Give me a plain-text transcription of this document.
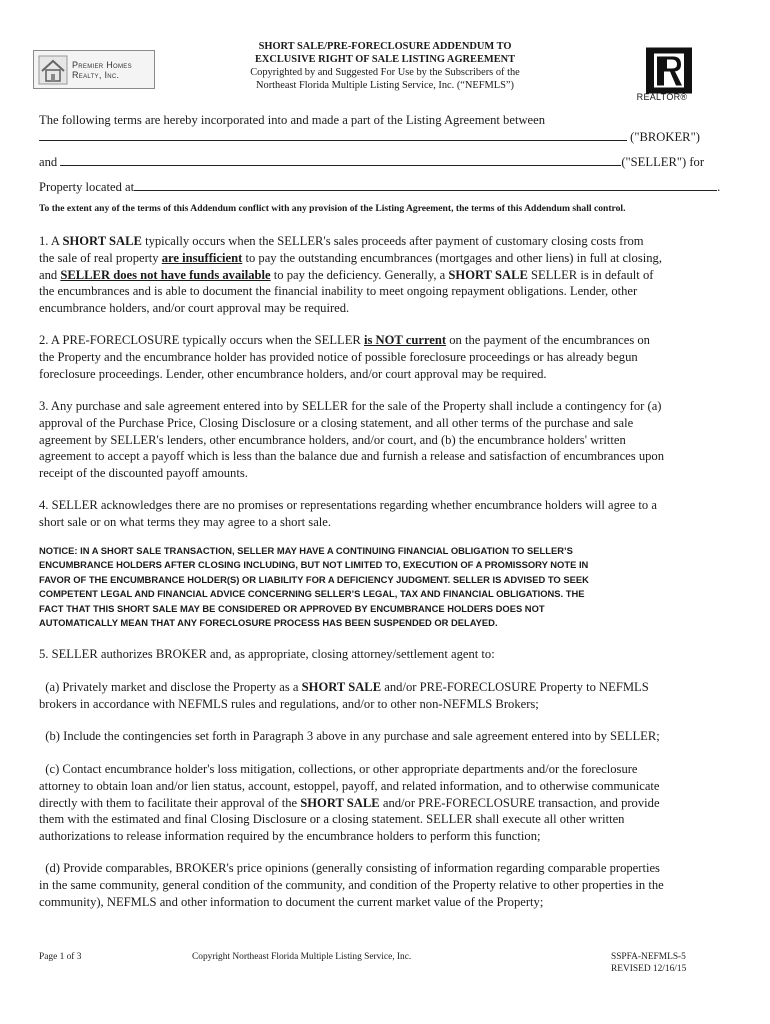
Premier Homes
Realty, Inc.
SHORT SALE/PRE-FORECLOSURE ADDENDUM TO
EXCLUSIVE RIGHT OF SALE LISTING AGREEMENT
Copyrighted by and Suggested For Use by the Subscribers of the
Northeast Florida Multiple Listing Service, Inc. (“NEFMLS”)
REALTOR®
The following terms are hereby incorporated into and made a part of the Listing Agreement between
("BROKER")
and	("SELLER") for
Property located at	.
To the extent any of the terms of this Addendum conflict with any provision of the Listing Agreement, the terms of this Addendum shall control.
1. A SHORT SALE typically occurs when the SELLER's sales proceeds after payment of customary closing costs from
the sale of real property are insufficient to pay the outstanding encumbrances (mortgages and other liens) in full at closing,
and SELLER does not have funds available to pay the deficiency. Generally, a SHORT SALE SELLER is in default of
the encumbrances and is able to document the financial inability to meet ongoing repayment obligations. Lender, other
encumbrance holders, and/or court approval may be required.
2. A PRE-FORECLOSURE typically occurs when the SELLER is NOT current on the payment of the encumbrances on
the Property and the encumbrance holder has provided notice of possible foreclosure proceedings or has already begun
foreclosure proceedings. Lender, other encumbrance holders, and/or court approval may be required.
3. Any purchase and sale agreement entered into by SELLER for the sale of the Property shall include a contingency for (a)
approval of the Purchase Price, Closing Disclosure or a closing statement, and all other terms of the purchase and sale
agreement by SELLER's lenders, other encumbrance holders, and/or court, and (b) the encumbrance holders' written
agreement to accept a payoff which is less than the balance due and furnish a release and satisfaction of encumbrances upon
receipt of the discounted payoff amounts.
4. SELLER acknowledges there are no promises or representations regarding whether encumbrance holders will agree to a
short sale or on what terms they may agree to a short sale.
NOTICE: IN A SHORT SALE TRANSACTION, SELLER MAY HAVE A CONTINUING FINANCIAL OBLIGATION TO SELLER’S
ENCUMBRANCE HOLDERS AFTER CLOSING INCLUDING, BUT NOT LIMITED TO, EXECUTION OF A PROMISSORY NOTE IN
FAVOR OF THE ENCUMBRANCE HOLDER(S) OR LIABILITY FOR A DEFICIENCY JUDGMENT. SELLER IS ADVISED TO SEEK
COMPETENT LEGAL AND FINANCIAL ADVICE CONCERNING SELLER’S LEGAL, TAX AND FINANCIAL OBLIGATIONS. THE
FACT THAT THIS SHORT SALE MAY BE CONSIDERED OR APPROVED BY ENCUMBRANCE HOLDERS DOES NOT
AUTOMATICALLY MEAN THAT ANY FORECLOSURE PROCESS HAS BEEN SUSPENDED OR DELAYED.
5. SELLER authorizes BROKER and, as appropriate, closing attorney/settlement agent to:
(a) Privately market and disclose the Property as a SHORT SALE and/or PRE-FORECLOSURE Property to NEFMLS
brokers in accordance with NEFMLS rules and regulations, and/or to other non-NEFMLS Brokers;
(b) Include the contingencies set forth in Paragraph 3 above in any purchase and sale agreement entered into by SELLER;
(c) Contact encumbrance holder's loss mitigation, collections, or other appropriate departments and/or the foreclosure
attorney to obtain loan and/or lien status, account, estoppel, payoff, and related information, and to otherwise communicate
directly with them to facilitate their approval of the SHORT SALE and/or PRE-FORECLOSURE transaction, and provide
them with the estimated and final Closing Disclosure or a closing statement. SELLER shall execute all other written
authorizations to release information required by the encumbrance holders to perform this function;
(d) Provide comparables, BROKER's price opinions (generally consisting of information regarding comparable properties
in the same community, general condition of the community, and condition of the Property relative to other properties in the
community), NEFMLS and other information to document the current market value of the Property;
Page 1 of 3	Copyright Northeast Florida Multiple Listing Service, Inc.	SSPFA-NEFMLS-5
REVISED 12/16/15
